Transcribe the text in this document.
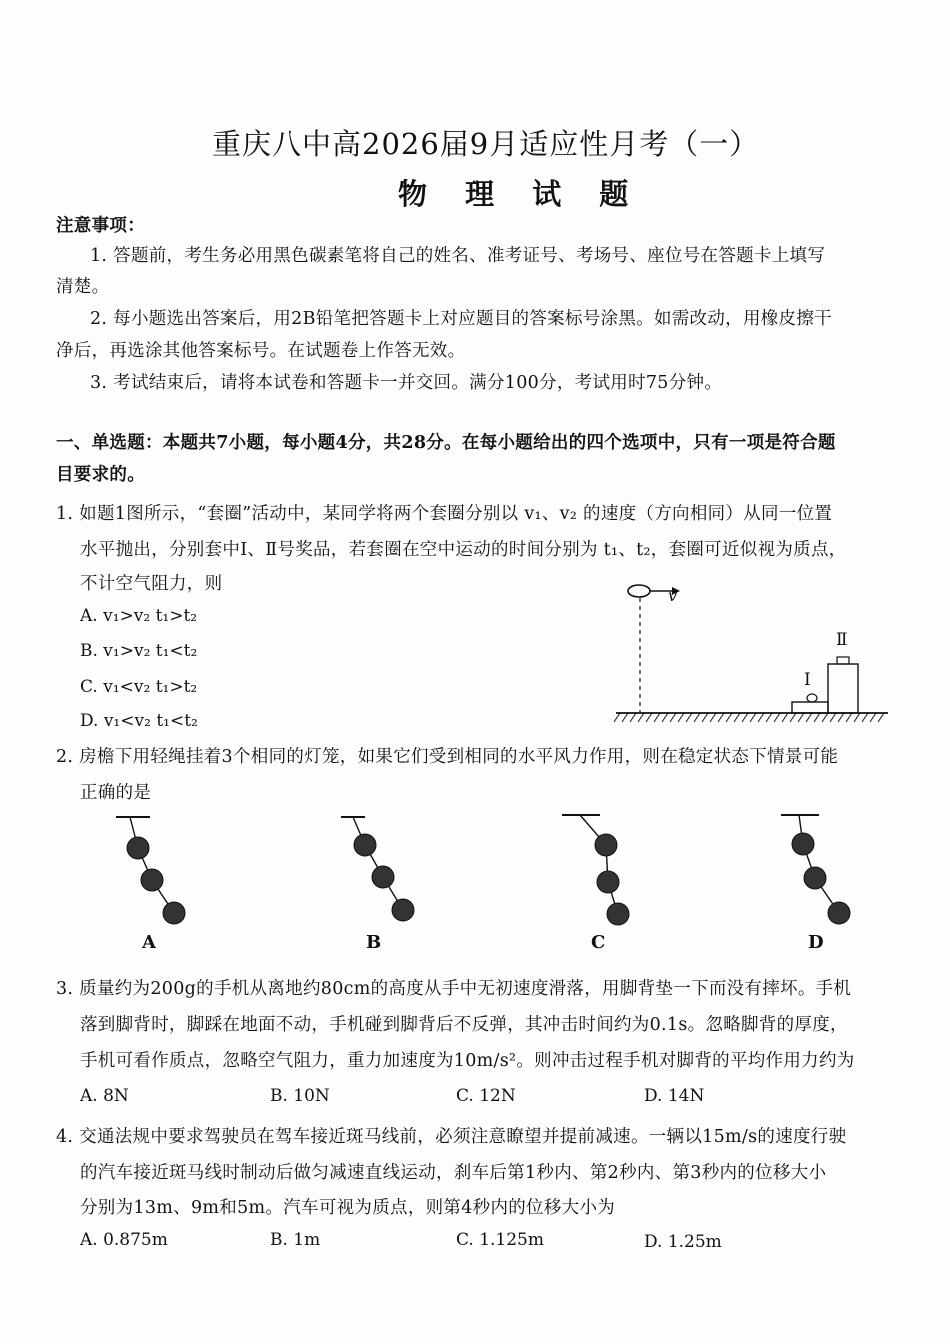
重庆八中高2026届9月适应性月考（一）
物 理 试 题
注意事项：
1. 答题前，考生务必用黑色碳素笔将自己的姓名、准考证号、考场号、座位号在答题卡上填写
清楚。
2. 每小题选出答案后，用2B铅笔把答题卡上对应题目的答案标号涂黑。如需改动，用橡皮擦干
净后，再选涂其他答案标号。在试题卷上作答无效。
3. 考试结束后，请将本试卷和答题卡一并交回。满分100分，考试用时75分钟。
一、单选题：本题共7小题，每小题4分，共28分。在每小题给出的四个选项中，只有一项是符合题
目要求的。
1. 如题1图所示，“套圈”活动中，某同学将两个套圈分别以 v₁、v₂ 的速度（方向相同）从同一位置
水平抛出，分别套中Ⅰ、Ⅱ号奖品，若套圈在空中运动的时间分别为 t₁、t₂，套圈可近似视为质点，
不计空气阻力，则
A. v₁>v₂ t₁>t₂
B. v₁>v₂ t₁<t₂
C. v₁<v₂ t₁>t₂
D. v₁<v₂ t₁<t₂
v
Ⅰ
Ⅱ
2. 房檐下用轻绳挂着3个相同的灯笼，如果它们受到相同的水平风力作用，则在稳定状态下情景可能
正确的是
A	B	C	D
3. 质量约为200g的手机从离地约80cm的高度从手中无初速度滑落，用脚背垫一下而没有摔坏。手机
落到脚背时，脚踩在地面不动，手机碰到脚背后不反弹，其冲击时间约为0.1s。忽略脚背的厚度，
手机可看作质点，忽略空气阻力，重力加速度为10m/s²。则冲击过程手机对脚背的平均作用力约为
A. 8N	B. 10N	C. 12N	D. 14N
4. 交通法规中要求驾驶员在驾车接近斑马线前，必须注意瞭望并提前减速。一辆以15m/s的速度行驶
的汽车接近斑马线时制动后做匀减速直线运动，刹车后第1秒内、第2秒内、第3秒内的位移大小
分别为13m、9m和5m。汽车可视为质点，则第4秒内的位移大小为
A. 0.875m	B. 1m	C. 1.125m	D. 1.25m
